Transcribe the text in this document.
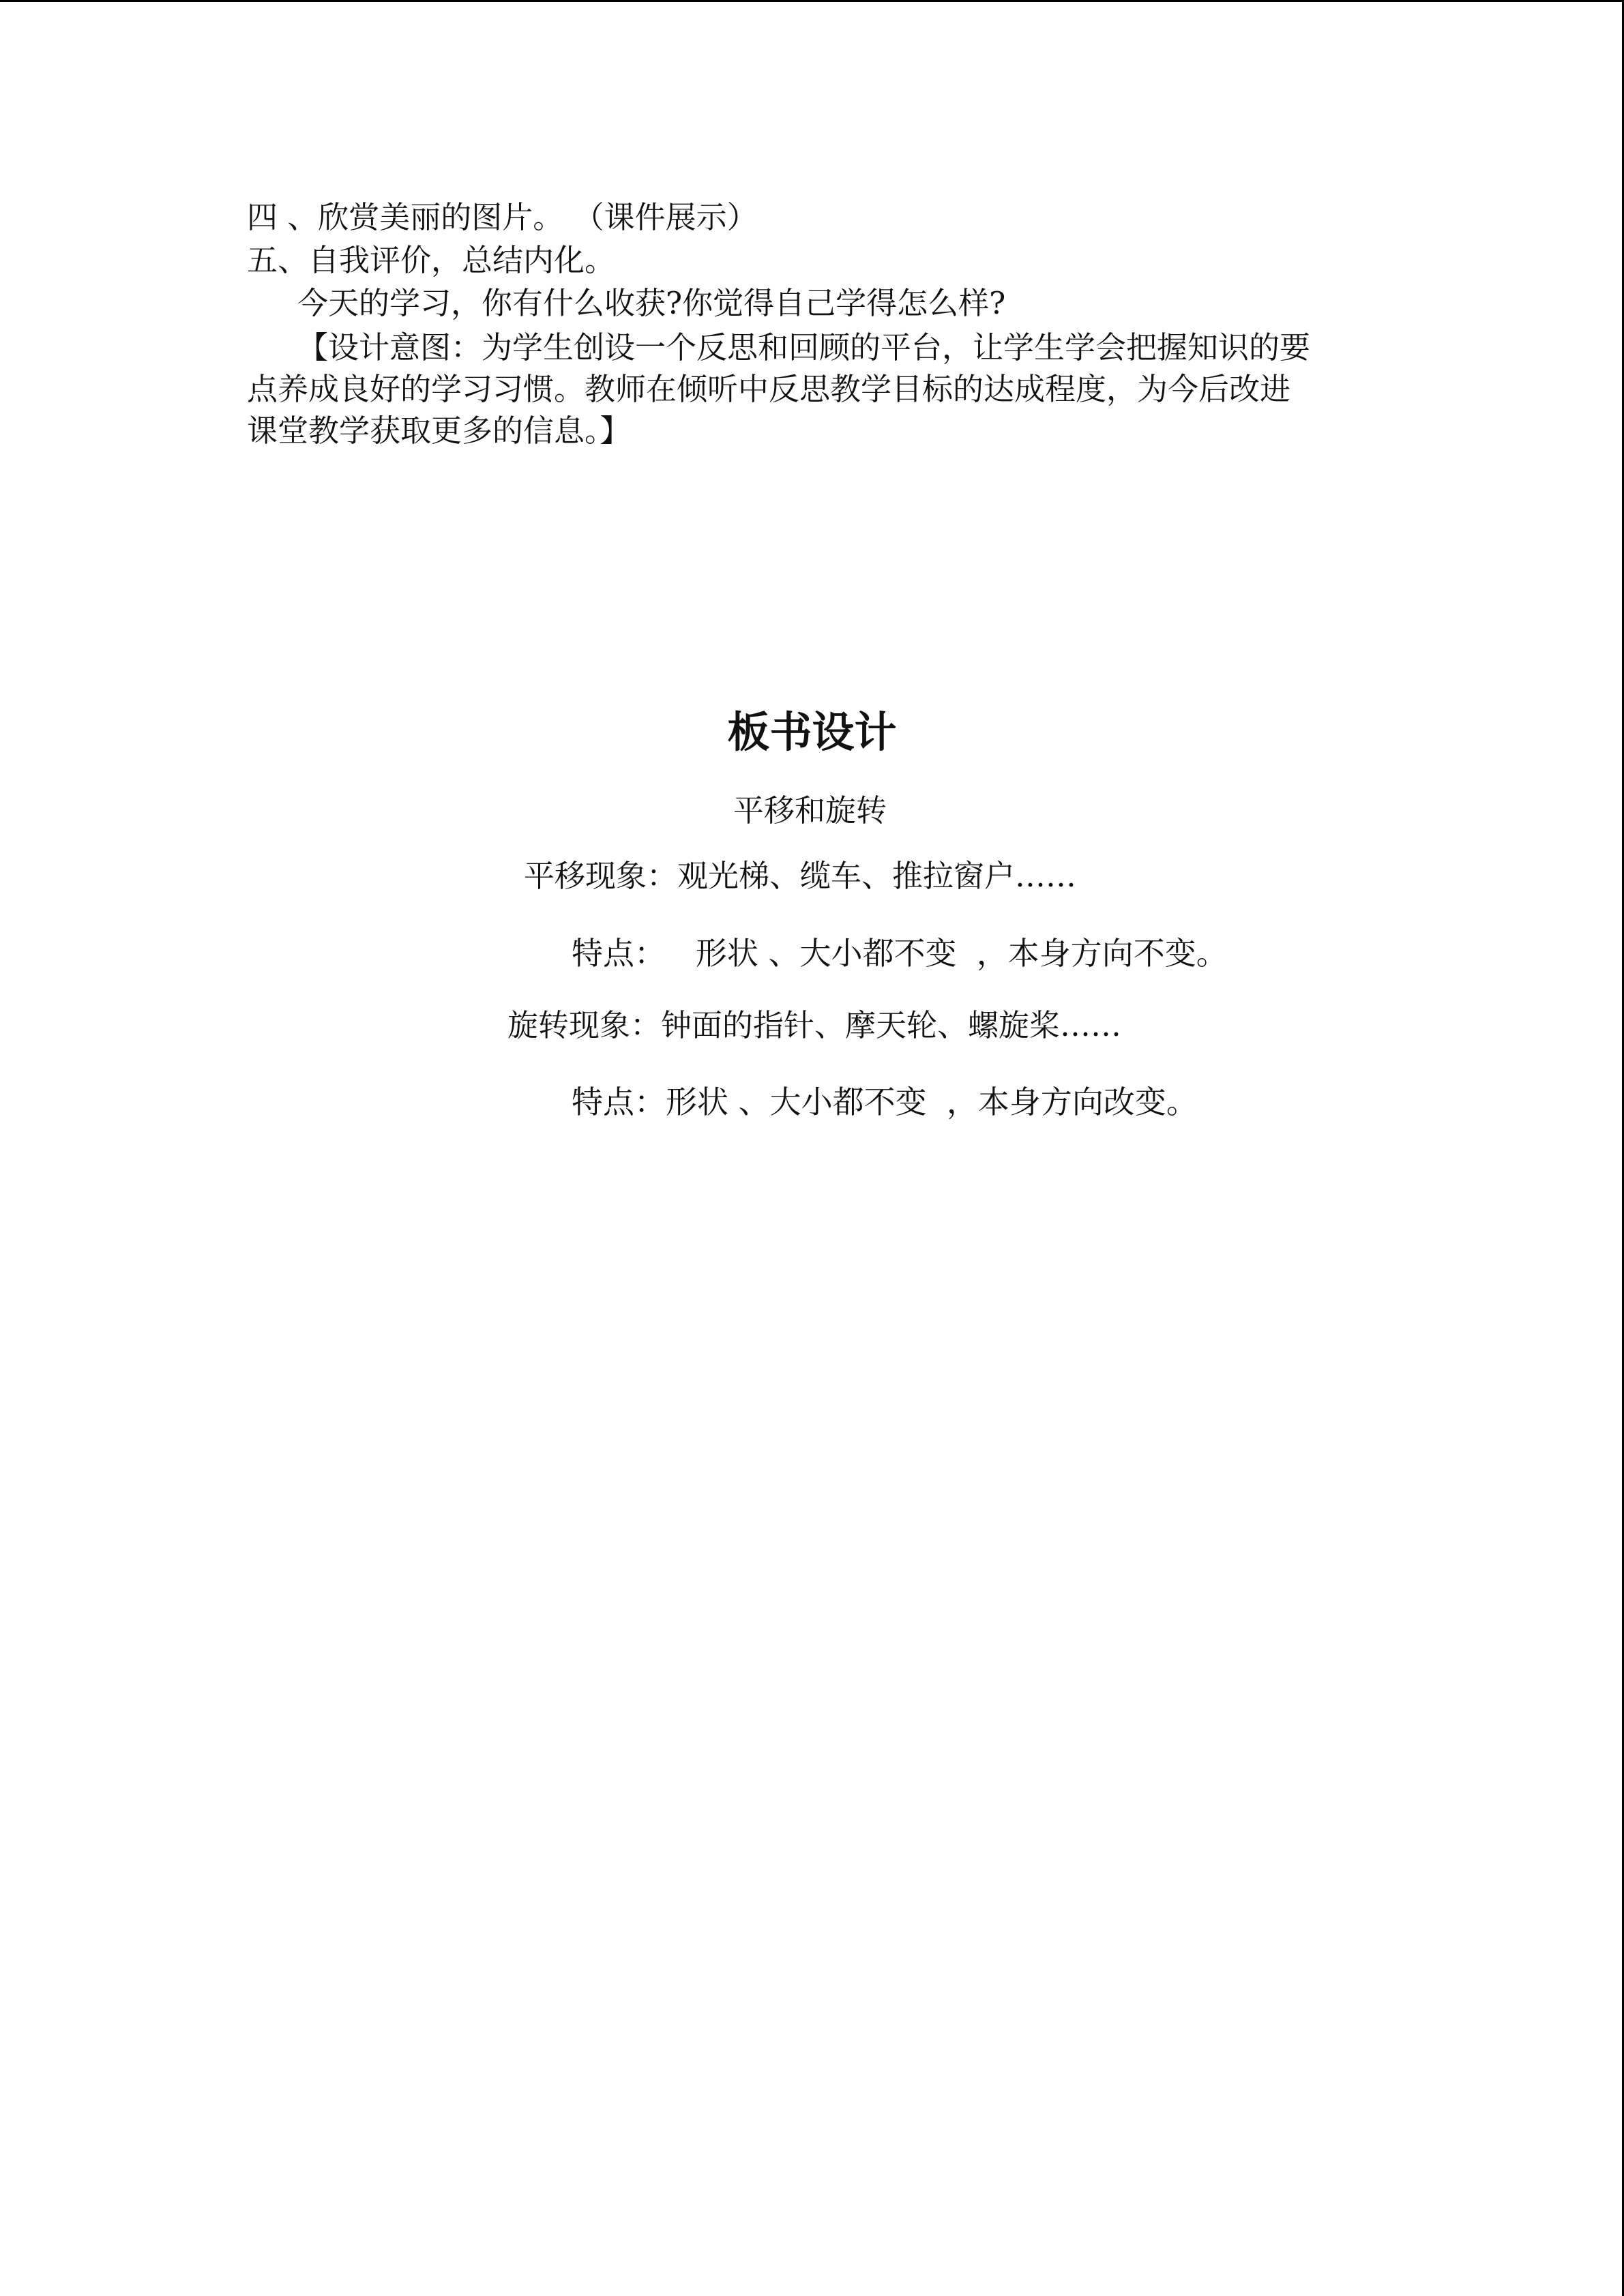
四 、欣赏美丽的图片。 （课件展示）
五、自我评价，总结内化。
今天的学习，你有什么收获?你觉得自己学得怎么样?
【设计意图：为学生创设一个反思和回顾的平台，让学生学会把握知识的要
点养成良好的学习习惯。教师在倾听中反思教学目标的达成程度，为今后改进
课堂教学获取更多的信息。】
板书设计
平移和旋转
平移现象：观光梯、缆车、推拉窗户……
特点：   形状 、大小都不变  ，本身方向不变。
旋转现象：钟面的指针、摩天轮、螺旋桨……
特点：形状 、大小都不变  ，本身方向改变。
